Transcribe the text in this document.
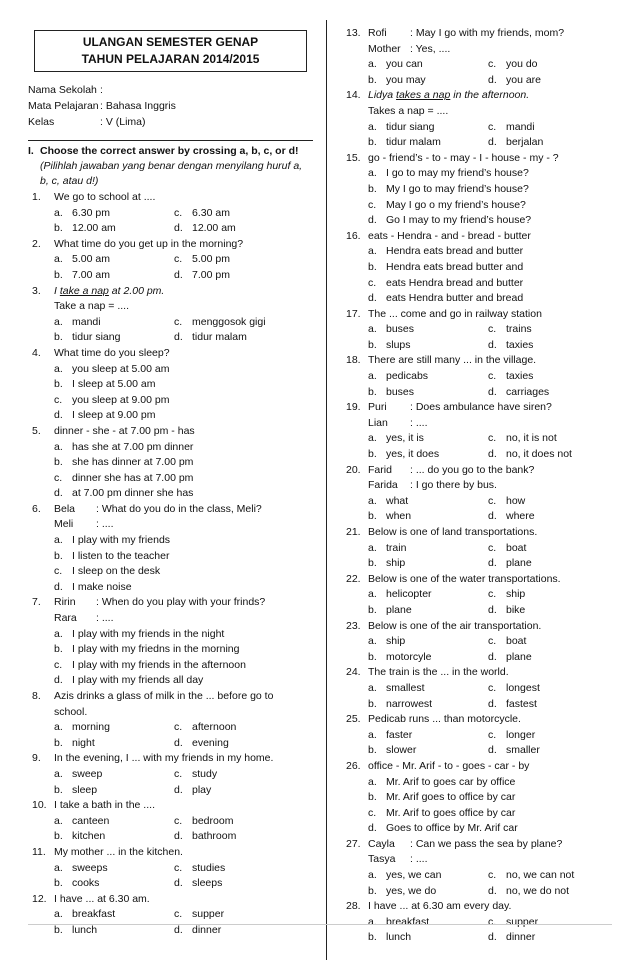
ULANGAN SEMESTER GENAP
TAHUN PELAJARAN 2014/2015
Nama Sekolah :
Mata Pelajaran : Bahasa Inggris
Kelas	: V (Lima)
I. Choose the correct answer by crossing a, b, c, or d!
(Pilihlah jawaban yang benar dengan menyilang huruf a, b, c, atau d!)
1.	We go to school at ....
a. 6.30 pm	c. 6.30 am
b. 12.00 am	d. 12.00 am
2.	What time do you get up in the morning?
a. 5.00 am	c. 5.00 pm
b. 7.00 am	d. 7.00 pm
3.	I take a nap at 2.00 pm.
Take a nap = ....
a. mandi	c. menggosok gigi
b. tidur siang	d. tidur malam
4.	What time do you sleep?
a. you sleep at 5.00 am
b. I sleep at 5.00 am
c. you sleep at 9.00 pm
d. I sleep at 9.00 pm
5.	dinner - she - at 7.00 pm - has
a. has she at 7.00 pm dinner
b. she has dinner at 7.00 pm
c. dinner she has at 7.00 pm
d. at 7.00 pm dinner she has
6.	Bela	: What do you do in the class, Meli?
Meli	: ....
a. I play with my friends
b. I listen to the teacher
c. I sleep on the desk
d. I make noise
7.	Ririn	: When do you play with your frinds?
Rara	: ....
a. I play with my friends in the night
b. I play with my friedns in the morning
c. I play with my friends in the afternoon
d. I play with my friends all day
8.	Azis drinks a glass of milk in the ... before go to
school.
a. morning	c. afternoon
b. night	d. evening
9.	In the evening, I ... with my friends in my home.
a. sweep	c. study
b. sleep	d. play
10. I take a bath in the ....
a. canteen	c. bedroom
b. kitchen	d. bathroom
11. My mother ... in the kitchen.
a. sweeps	c. studies
b. cooks	d. sleeps
12. I have ... at 6.30 am.
a. breakfast	c. supper
b. lunch	d. dinner
13. Rofi	: May I go with my friends, mom?
Mother : Yes, ....
a. you can	c. you do
b. you may	d. you are
14. Lidya takes a nap in the afternoon.
Takes a nap = ....
a. tidur siang	c. mandi
b. tidur malam	d. berjalan
15. go - friend’s - to - may - I - house - my - ?
a. I go to may my friend’s house?
b. My I go to may friend’s house?
c. May I go o my friend’s house?
d. Go I may to my friend’s house?
16. eats - Hendra - and - bread - butter
a. Hendra eats bread and butter
b. Hendra eats bread butter and
c. eats Hendra bread and butter
d. eats Hendra butter and bread
17. The ... come and go in railway station
a. buses	c. trains
b. slups	d. taxies
18. There are still many ... in the village.
a. pedicabs	c. taxies
b. buses	d. carriages
19. Puri	: Does ambulance have siren?
Lian	: ....
a. yes, it is	c. no, it is not
b. yes, it does	d. no, it does not
20. Farid	: ... do you go to the bank?
Farida	: I go there by bus.
a. what	c. how
b. when	d. where
21. Below is one of land transportations.
a. train	c. boat
b. ship	d. plane
22. Below is one of the water transportations.
a. helicopter	c. ship
b. plane	d. bike
23. Below is one of the air transportation.
a. ship	c. boat
b. motorcyle	d. plane
24. The train is the ... in the world.
a. smallest	c. longest
b. narrowest	d. fastest
25. Pedicab runs ... than motorcycle.
a. faster	c. longer
b. slower	d. smaller
26. office - Mr. Arif - to - goes - car - by
a. Mr. Arif to goes car by office
b. Mr. Arif goes to office by car
c. Mr. Arif to goes office by car
d. Goes to office by Mr. Arif car
27. Cayla	: Can we pass the sea by plane?
Tasya	: ....
a. yes, we can	c. no, we can not
b. yes, we do	d. no, we do not
28. I have ... at 6.30 am every day.
a. breakfast	c. supper
b. lunch	d. dinner
